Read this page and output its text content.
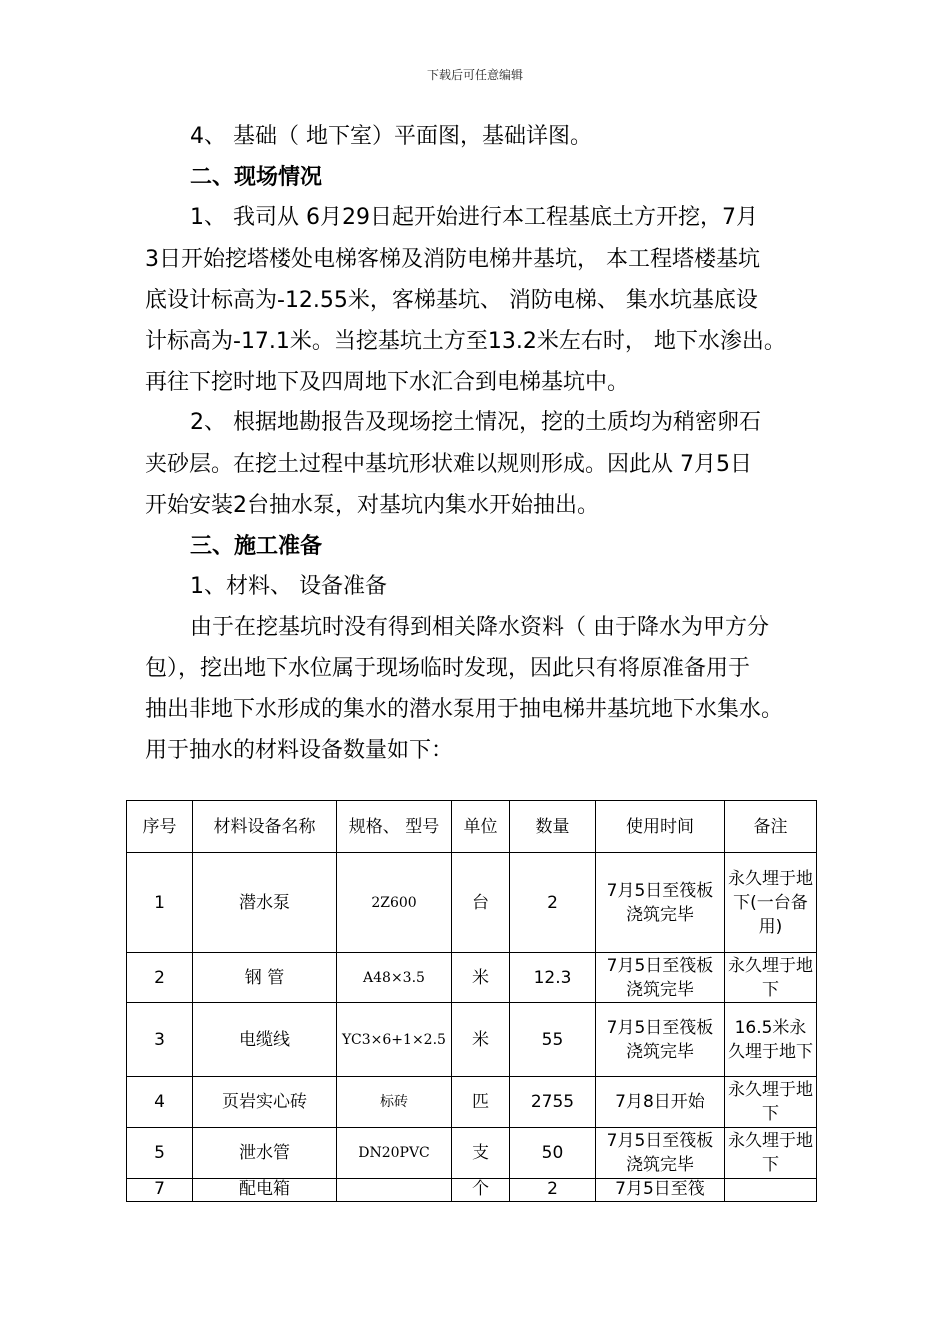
下载后可任意编辑
4、 基础（ 地下室）平面图，基础详图。
二、现场情况
1、 我司从 6月29日起开始进行本工程基底土方开挖，7月
3日开始挖塔楼处电梯客梯及消防电梯井基坑， 本工程塔楼基坑
底设计标高为-12.55米，客梯基坑、 消防电梯、 集水坑基底设
计标高为-17.1米。当挖基坑土方至13.2米左右时， 地下水渗出。
再往下挖时地下及四周地下水汇合到电梯基坑中。
2、 根据地勘报告及现场挖土情况，挖的土质均为稍密卵石
夹砂层。在挖土过程中基坑形状难以规则形成。因此从 7月5日
开始安装2台抽水泵，对基坑内集水开始抽出。
三、施工准备
1、材料、 设备准备
由于在挖基坑时没有得到相关降水资料（ 由于降水为甲方分
包），挖出地下水位属于现场临时发现，因此只有将原准备用于
抽出非地下水形成的集水的潜水泵用于抽电梯井基坑地下水集水。
用于抽水的材料设备数量如下：
序号	材料设备名称	规格、 型号	单位	数量	使用时间	备注
1	潜水泵	2Z600	台	2	7月5日至筏板浇筑完毕	永久埋于地下(一台备用)
2	钢 管	A48×3.5	米	12.3	7月5日至筏板浇筑完毕	永久埋于地下
3	电缆线	YC3×6+1×2.5	米	55	7月5日至筏板浇筑完毕	16.5米永久埋于地下
4	页岩实心砖	标砖	匹	2755	7月8日开始	永久埋于地下
5	泄水管	DN20PVC	支	50	7月5日至筏板浇筑完毕	永久埋于地下
7	配电箱		个	2	7月5日至筏	
